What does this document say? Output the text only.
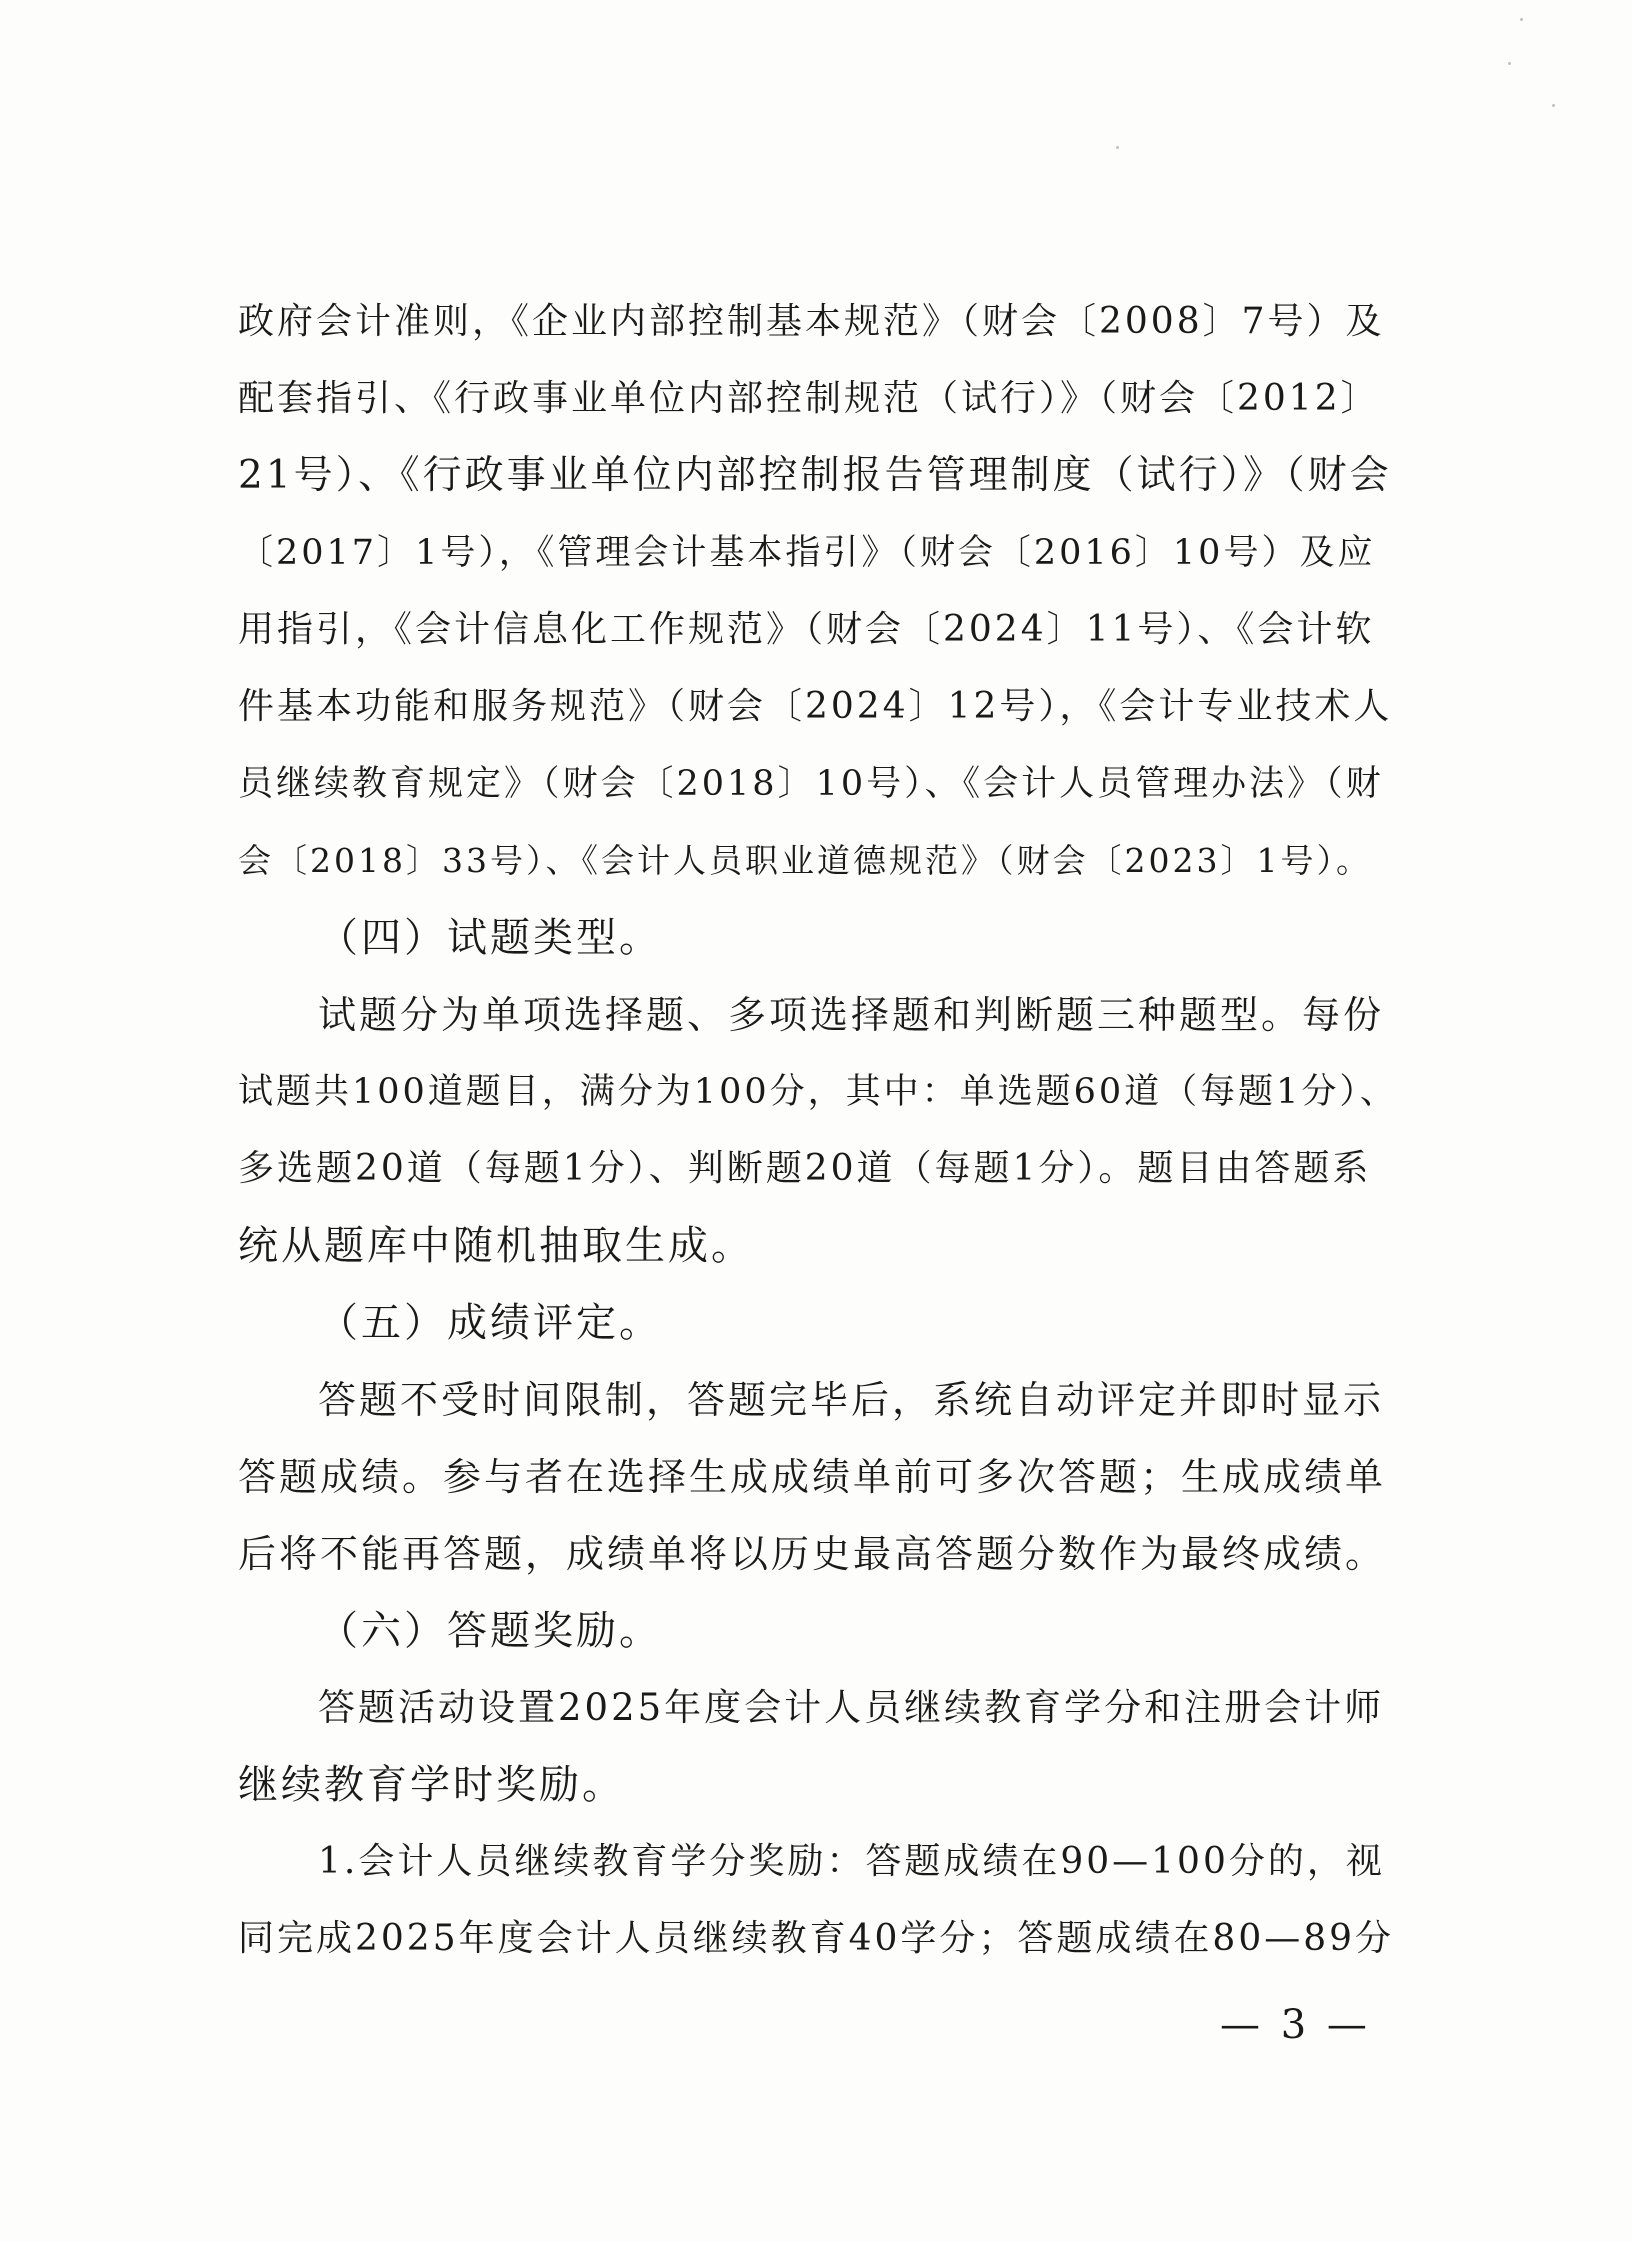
政府会计准则，《企业内部控制基本规范》（财会〔2008〕7号）及
配套指引、《行政事业单位内部控制规范（试行）》（财会〔2012〕
21号）、《行政事业单位内部控制报告管理制度（试行）》（财会
〔2017〕1号），《管理会计基本指引》（财会〔2016〕10号）及应
用指引，《会计信息化工作规范》（财会〔2024〕11号）、《会计软
件基本功能和服务规范》（财会〔2024〕12号），《会计专业技术人
员继续教育规定》（财会〔2018〕10号）、《会计人员管理办法》（财
会〔2018〕33号）、《会计人员职业道德规范》（财会〔2023〕1号）。
（四）试题类型。
试题分为单项选择题、多项选择题和判断题三种题型。每份
试题共100道题目，满分为100分，其中：单选题60道（每题1分）、
多选题20道（每题1分）、判断题20道（每题1分）。题目由答题系
统从题库中随机抽取生成。
（五）成绩评定。
答题不受时间限制，答题完毕后，系统自动评定并即时显示
答题成绩。参与者在选择生成成绩单前可多次答题；生成成绩单
后将不能再答题，成绩单将以历史最高答题分数作为最终成绩。
（六）答题奖励。
答题活动设置2025年度会计人员继续教育学分和注册会计师
继续教育学时奖励。
1.会计人员继续教育学分奖励：答题成绩在90—100分的，视
同完成2025年度会计人员继续教育40学分；答题成绩在80—89分
— 3 —
